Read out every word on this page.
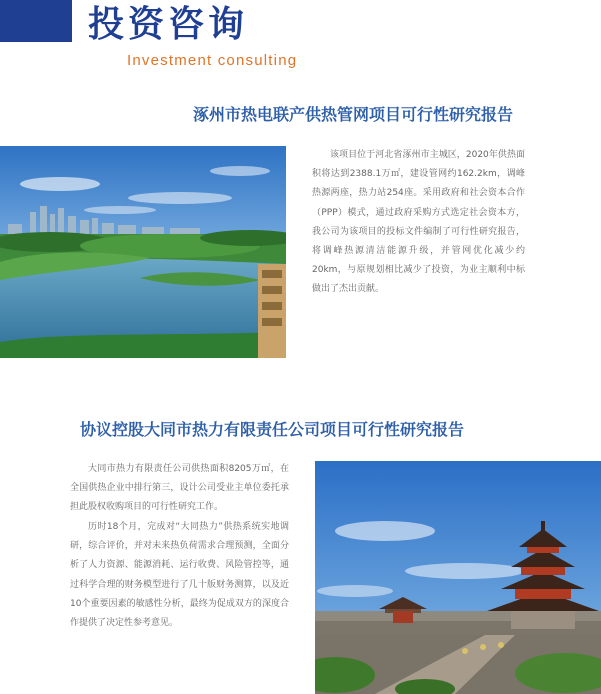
投资咨询
Investment consulting
涿州市热电联产供热管网项目可行性研究报告

该项目位于河北省涿州市主城区，2020年供热面积将达到2388.1万㎡，建设管网约162.2km，调峰热源两座，热力站254座。采用政府和社会资本合作（PPP）模式，通过政府采购方式选定社会资本方，我公司为该项目的投标文件编制了可行性研究报告，将调峰热源清洁能源升级，并管网优化减少约20km，与原规划相比减少了投资，为业主顺利中标做出了杰出贡献。

协议控股大同市热力有限责任公司项目可行性研究报告

大同市热力有限责任公司供热面积8205万㎡，在全国供热企业中排行第三，设计公司受业主单位委托承担此股权收购项目的可行性研究工作。

历时18个月，完成对“大同热力”供热系统实地调研，综合评价，并对未来热负荷需求合理预测，全面分析了人力资源、能源消耗、运行收费、风险管控等，通过科学合理的财务模型进行了几十版财务测算，以及近10个重要因素的敏感性分析，最终为促成双方的深度合作提供了决定性参考意见。
